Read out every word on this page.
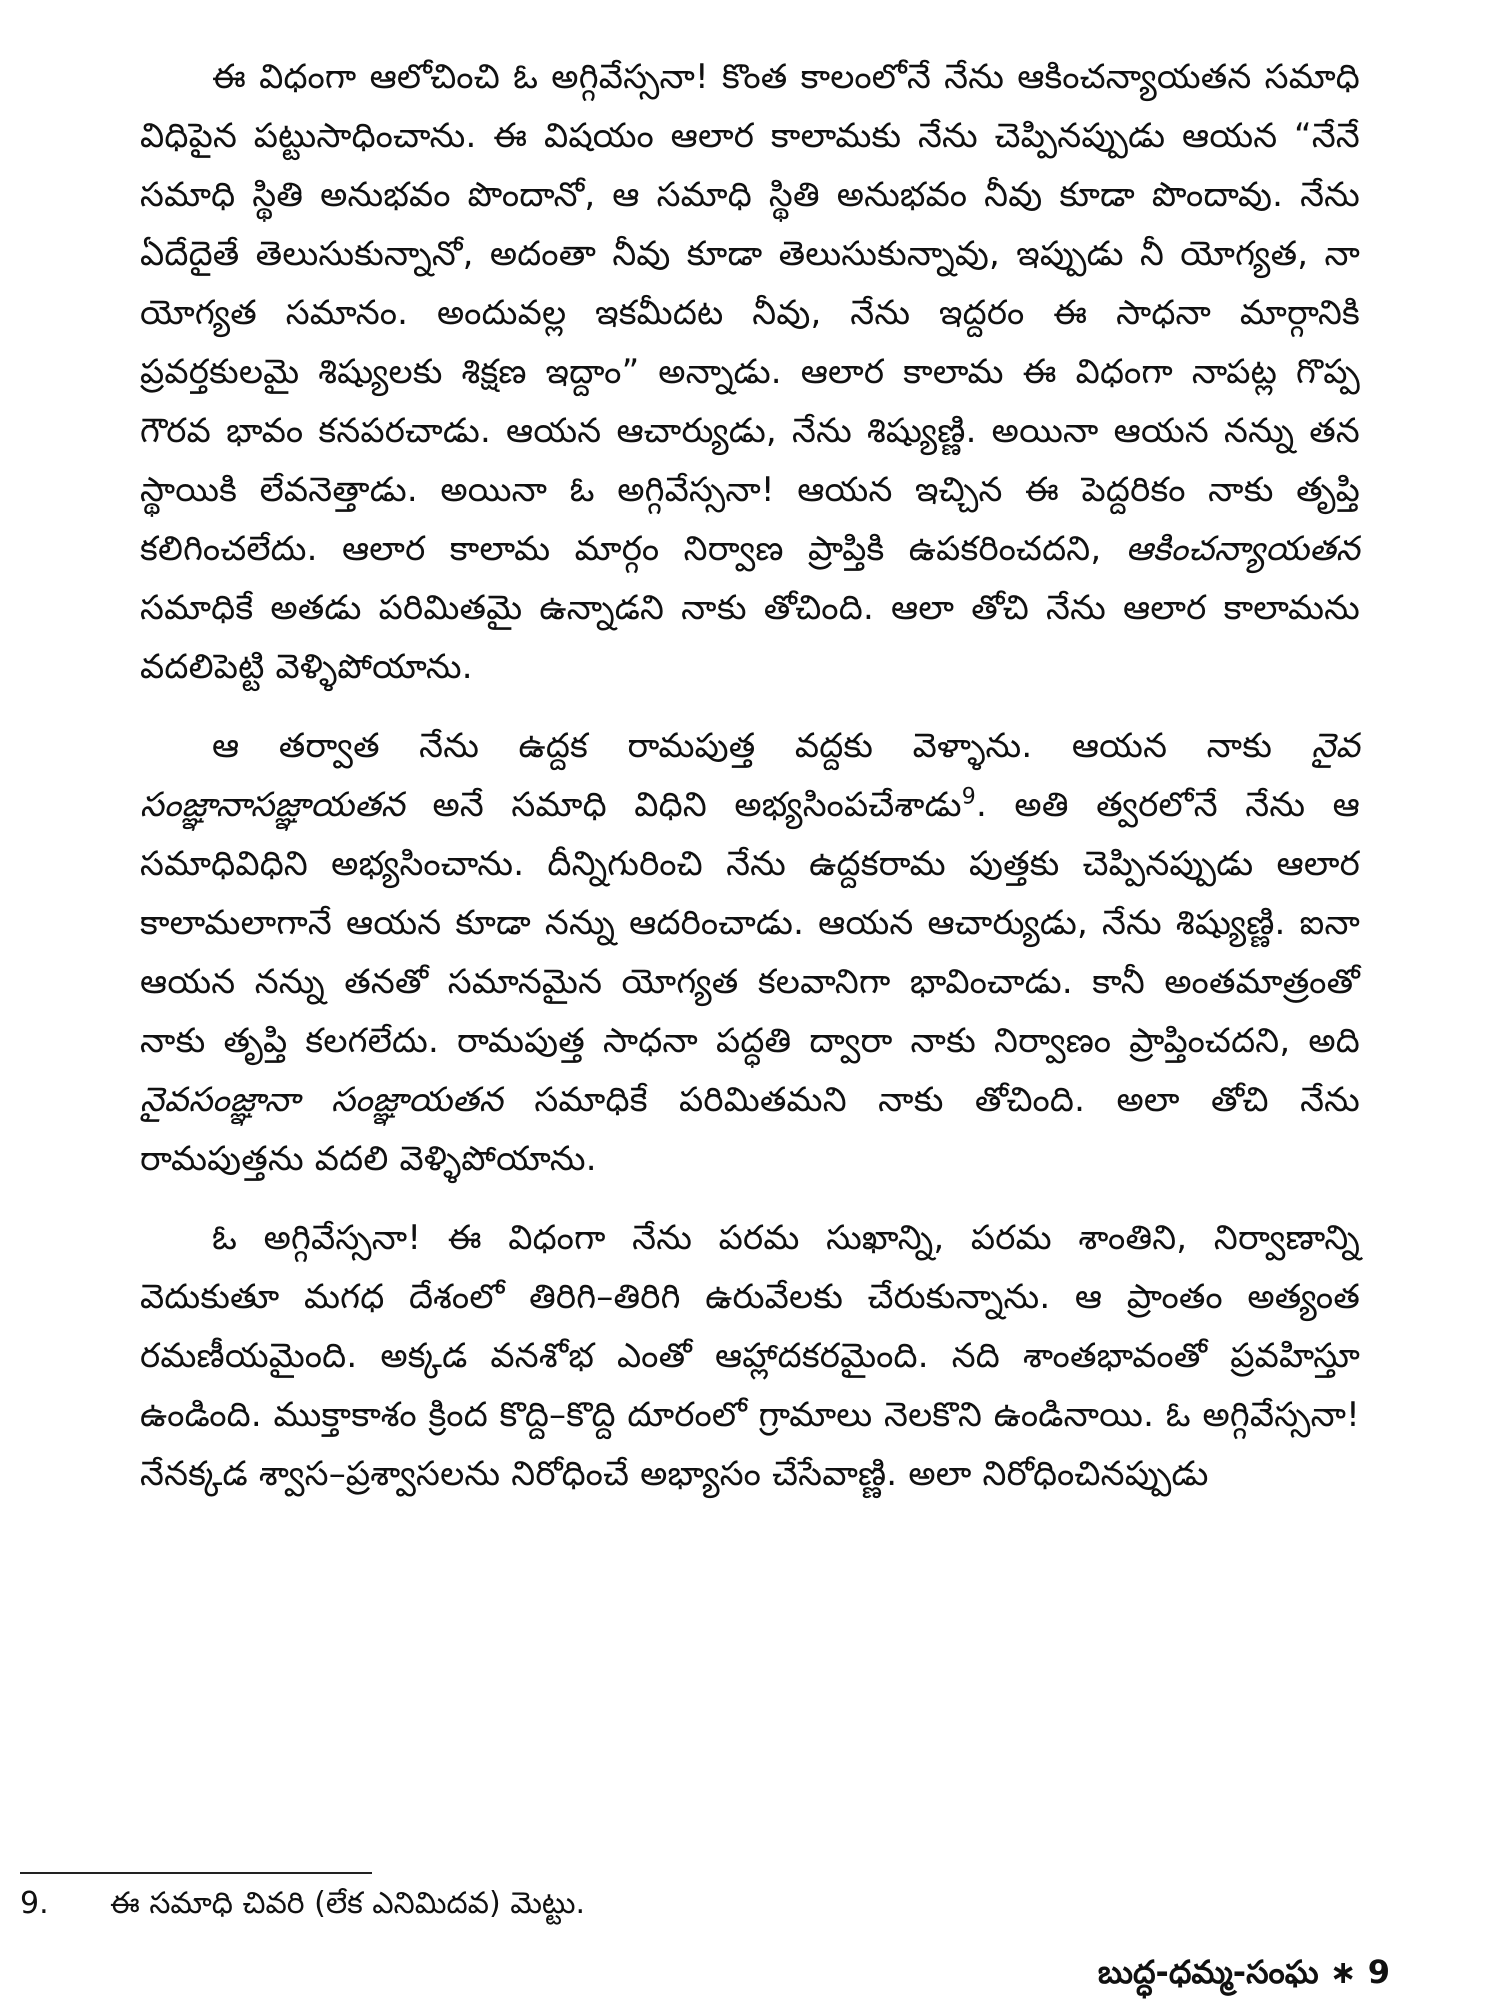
ఈ విధంగా ఆలోచించి ఓ అగ్గివేస్సనా! కొంత కాలంలోనే నేను ఆకించన్యాయతన సమాధి విధిపైన పట్టుసాధించాను. ఈ విషయం ఆలార కాలామకు నేను చెప్పినప్పుడు ఆయన “నేనే సమాధి స్థితి అనుభవం పొందానో, ఆ సమాధి స్థితి అనుభవం నీవు కూడా పొందావు. నేను ఏదేదైతే తెలుసుకున్నానో, అదంతా నీవు కూడా తెలుసుకున్నావు, ఇప్పుడు నీ యోగ్యత, నా యోగ్యత సమానం. అందువల్ల ఇకమీదట నీవు, నేను ఇద్దరం ఈ సాధనా మార్గానికి ప్రవర్తకులమై శిష్యులకు శిక్షణ ఇద్దాం” అన్నాడు. ఆలార కాలామ ఈ విధంగా నాపట్ల గొప్ప గౌరవ భావం కనపరచాడు. ఆయన ఆచార్యుడు, నేను శిష్యుణ్ణి. అయినా ఆయన నన్ను తన స్థాయికి లేవనెత్తాడు. అయినా ఓ అగ్గివేస్సనా! ఆయన ఇచ్చిన ఈ పెద్దరికం నాకు తృప్తి కలిగించలేదు. ఆలార కాలామ మార్గం నిర్వాణ ప్రాప్తికి ఉపకరించదని, ఆకించన్యాయతన సమాధికే అతడు పరిమితమై ఉన్నాడని నాకు తోచింది. ఆలా తోచి నేను ఆలార కాలామను వదలిపెట్టి వెళ్ళిపోయాను.

ఆ తర్వాత నేను ఉద్దక రామపుత్త వద్దకు వెళ్ళాను. ఆయన నాకు నైవ సంజ్ఞానాసజ్ఞాయతన అనే సమాధి విధిని అభ్యసింపచేశాడు$^9$. అతి త్వరలోనే నేను ఆ సమాధివిధిని అభ్యసించాను. దీన్నిగురించి నేను ఉద్దకరామ పుత్తకు చెప్పినప్పుడు ఆలార కాలామలాగానే ఆయన కూడా నన్ను ఆదరించాడు. ఆయన ఆచార్యుడు, నేను శిష్యుణ్ణి. ఐనా ఆయన నన్ను తనతో సమానమైన యోగ్యత కలవానిగా భావించాడు. కానీ అంతమాత్రంతో నాకు తృప్తి కలగలేదు. రామపుత్త సాధనా పద్ధతి ద్వారా నాకు నిర్వాణం ప్రాప్తించదని, అది నైవసంజ్ఞానా సంజ్ఞాయతన సమాధికే పరిమితమని నాకు తోచింది. అలా తోచి నేను రామపుత్తను వదలి వెళ్ళిపోయాను.

ఓ అగ్గివేస్సనా! ఈ విధంగా నేను పరమ సుఖాన్ని, పరమ శాంతిని, నిర్వాణాన్ని వెదుకుతూ మగధ దేశంలో తిరిగి–తిరిగి ఉరువేలకు చేరుకున్నాను. ఆ ప్రాంతం అత్యంత రమణీయమైంది. అక్కడ వనశోభ ఎంతో ఆహ్లాదకరమైంది. నది శాంతభావంతో ప్రవహిస్తూ ఉండింది. ముక్తాకాశం క్రింద కొద్ది–కొద్ది దూరంలో గ్రామాలు నెలకొని ఉండినాయి. ఓ అగ్గివేస్సనా! నేనక్కడ శ్వాస–ప్రశ్వాసలను నిరోధించే అభ్యాసం చేసేవాణ్ణి. అలా నిరోధించినప్పుడు

9. ఈ సమాధి చివరి (లేక ఎనిమిదవ) మెట్టు.
బుద్ధ-ధమ్మ-సంఘ ∗ 9
